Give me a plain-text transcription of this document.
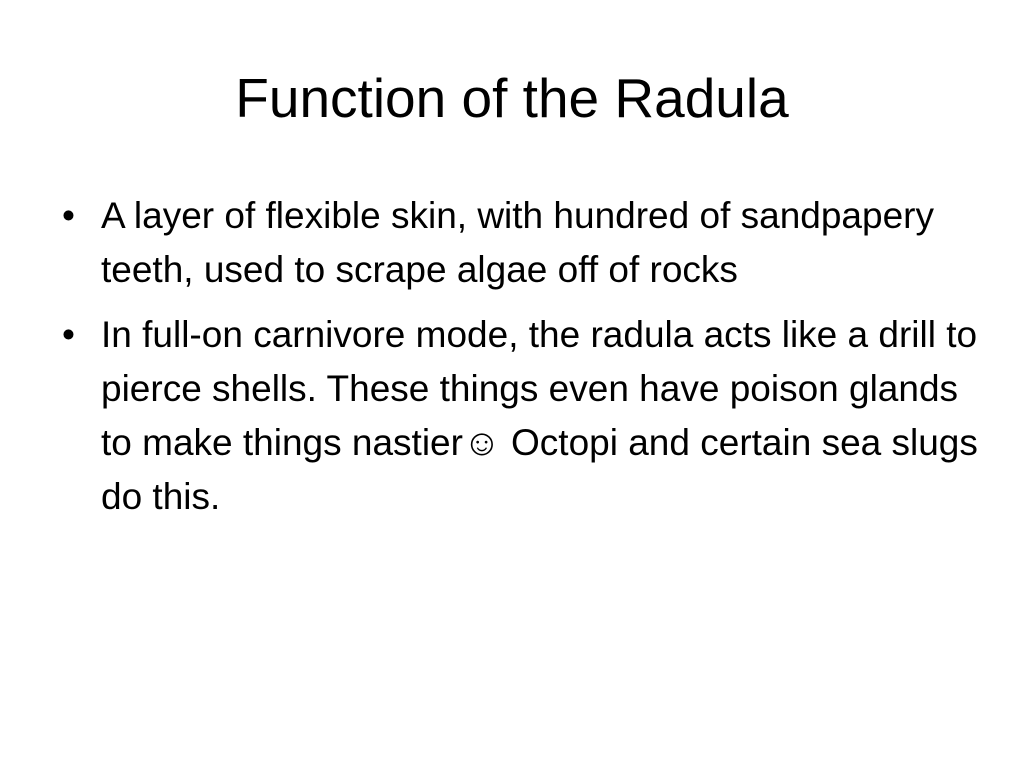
Function of the Radula
• A layer of flexible skin, with hundred of sandpapery teeth, used to scrape algae off of rocks
• In full-on carnivore mode, the radula acts like a drill to pierce shells. These things even have poison glands to make things nastier☺ Octopi and certain sea slugs do this.
